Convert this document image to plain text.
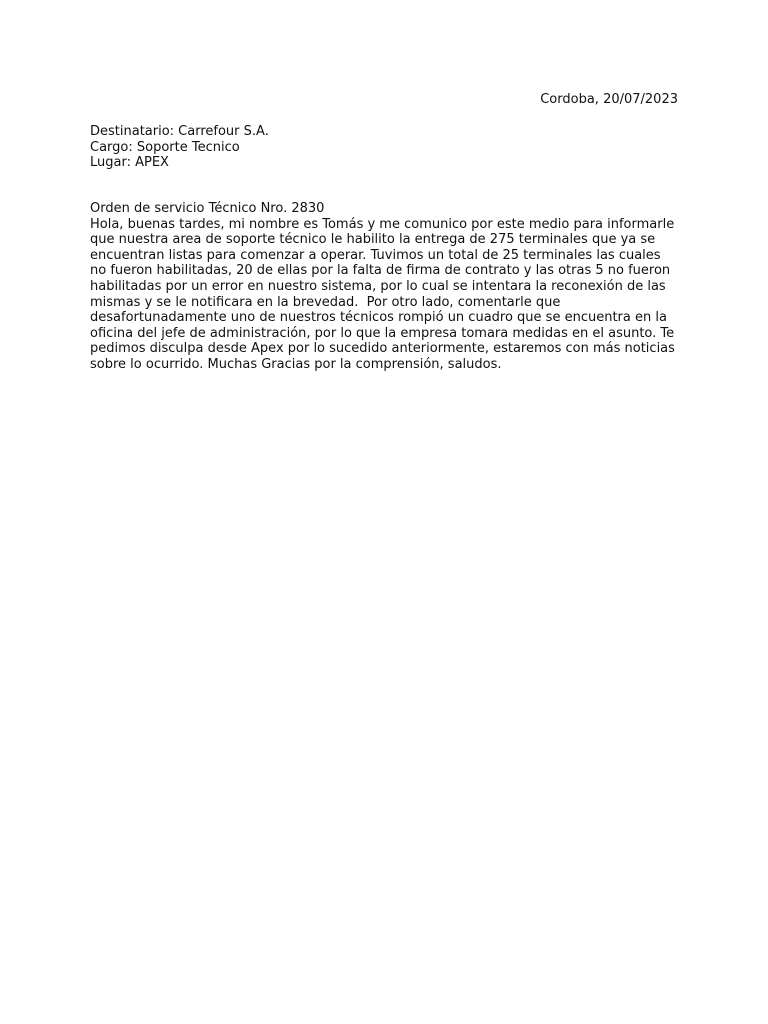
Cordoba, 20/07/2023
Destinatario: Carrefour S.A.
Cargo: Soporte Tecnico
Lugar: APEX
Orden de servicio Técnico Nro. 2830

Hola, buenas tardes, mi nombre es Tomás y me comunico por este medio para informarle que nuestra area de soporte técnico le habilito la entrega de 275 terminales que ya se encuentran listas para comenzar a operar. Tuvimos un total de 25 terminales las cuales no fueron habilitadas, 20 de ellas por la falta de firma de contrato y las otras 5 no fueron habilitadas por un error en nuestro sistema, por lo cual se intentara la reconexión de las mismas y se le notificara en la brevedad.  Por otro lado, comentarle que desafortunadamente uno de nuestros técnicos rompió un cuadro que se encuentra en la oficina del jefe de administración, por lo que la empresa tomara medidas en el asunto. Te pedimos disculpa desde Apex por lo sucedido anteriormente, estaremos con más noticias sobre lo ocurrido. Muchas Gracias por la comprensión, saludos.
